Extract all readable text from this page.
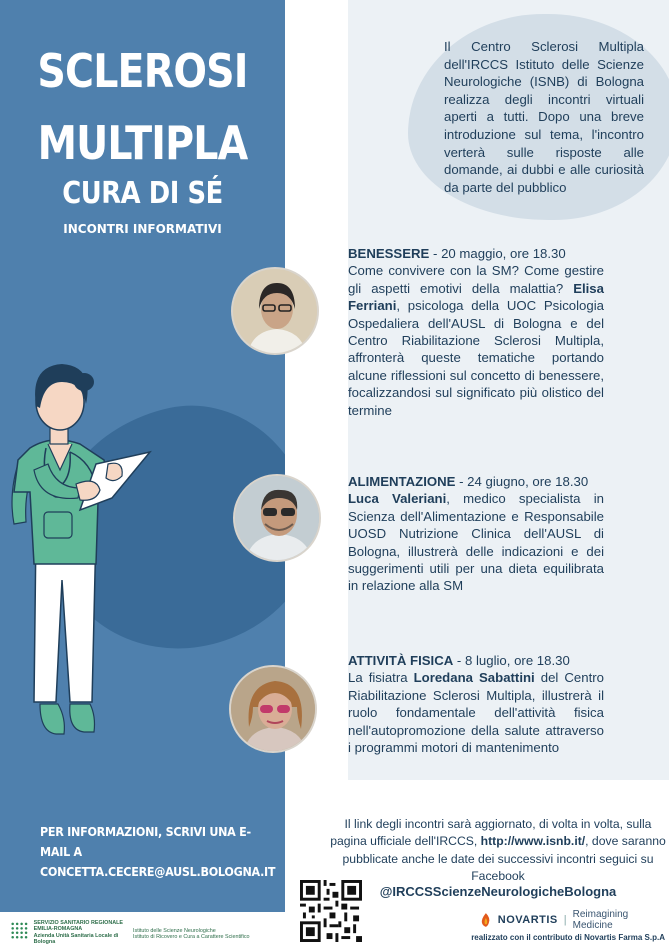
SCLEROSI
MULTIPLA
CURA DI SÉ
INCONTRI INFORMATIVI
Il Centro Sclerosi Multipla dell'IRCCS Istituto delle Scienze Neurologiche (ISNB) di Bologna realizza degli incontri virtuali aperti a tutti. Dopo una breve introduzione sul tema, l'incontro verterà sulle risposte alle domande, ai dubbi e alle curiosità da parte del pubblico
BENESSERE - 20 maggio, ore 18.30
Come convivere con la SM? Come gestire gli aspetti emotivi della malattia? Elisa Ferriani, psicologa della UOC Psicologia Ospedaliera dell'AUSL di Bologna e del Centro Riabilitazione Sclerosi Multipla, affronterà queste tematiche portando alcune riflessioni sul concetto di benessere, focalizzandosi sul significato più olistico del termine
ALIMENTAZIONE - 24 giugno, ore 18.30
Luca Valeriani, medico specialista in Scienza dell'Alimentazione e Responsabile UOSD Nutrizione Clinica dell'AUSL di Bologna, illustrerà delle indicazioni e dei suggerimenti utili per una dieta equilibrata in relazione alla SM
ATTIVITÀ FISICA - 8 luglio, ore 18.30
La fisiatra Loredana Sabattini del Centro Riabilitazione Sclerosi Multipla, illustrerà il ruolo fondamentale dell'attività fisica nell'autopromozione della salute attraverso i programmi motori di mantenimento
PER INFORMAZIONI, SCRIVI UNA E-MAIL A
CONCETTA.CECERE@AUSL.BOLOGNA.IT
Il link degli incontri sarà aggiornato, di volta in volta, sulla pagina ufficiale dell'IRCCS, http://www.isnb.it/, dove saranno pubblicate anche le date dei successivi incontri seguici su Facebook
@IRCCSScienzeNeurologicheBologna
NOVARTIS | Reimagining Medicine
realizzato con il contributo di Novartis Farma S.p.A
SERVIZIO SANITARIO REGIONALE
EMILIA-ROMAGNA
Azienda Unità Sanitaria Locale di Bologna
Istituto delle Scienze Neurologiche
Istituto di Ricovero e Cura a Carattere Scientifico
